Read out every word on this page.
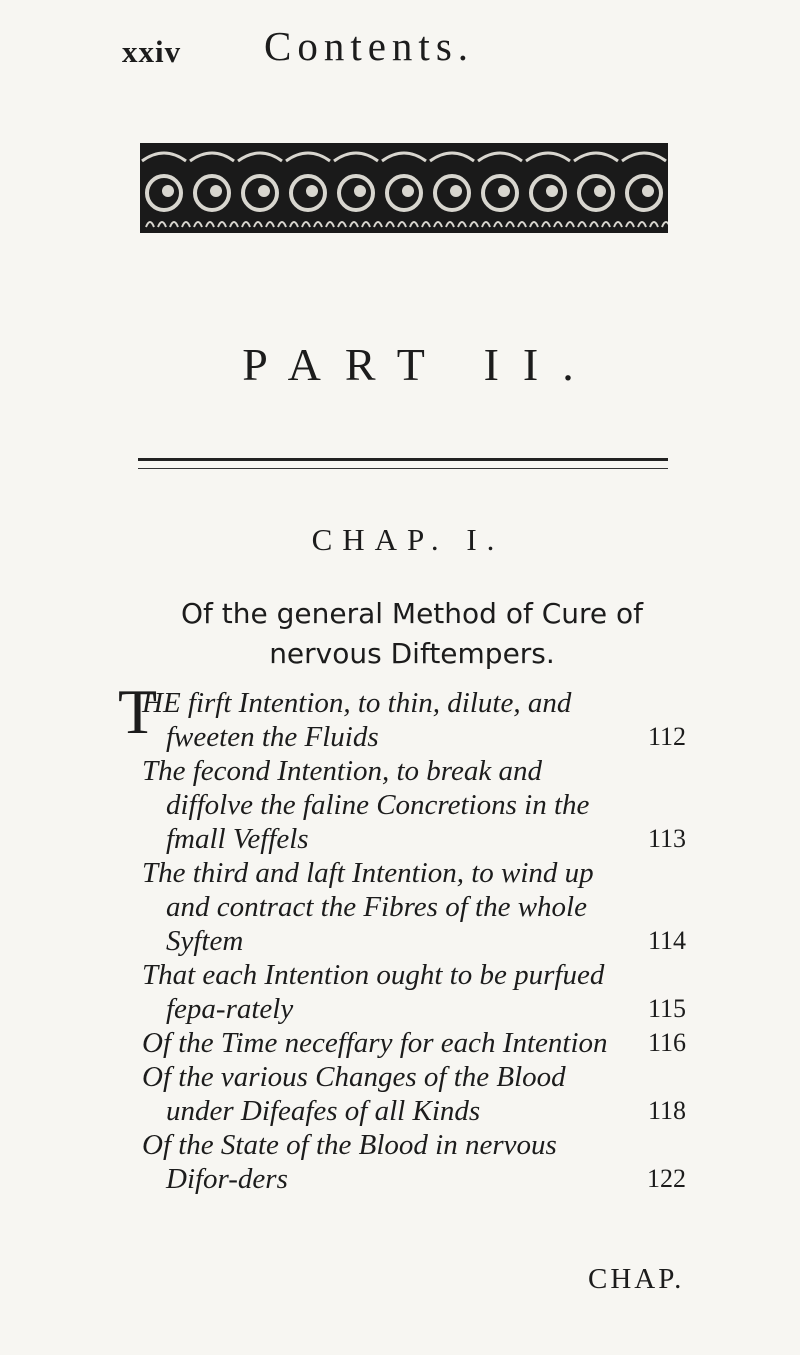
xxiv Contents.
PART II.
CHAP. I.
Of the general Method of Cure of nervous Diftempers.
T
HE firft Intention, to thin, dilute, and fweeten the Fluids	112
The fecond Intention, to break and diffolve the faline Concretions in the fmall Veffels	113
The third and laft Intention, to wind up and contract the Fibres of the whole Syftem	114
That each Intention ought to be purfued fepa-rately	115
Of the Time neceffary for each Intention	116
Of the various Changes of the Blood under Difeafes of all Kinds	118
Of the State of the Blood in nervous Difor-ders	122
CHAP.
